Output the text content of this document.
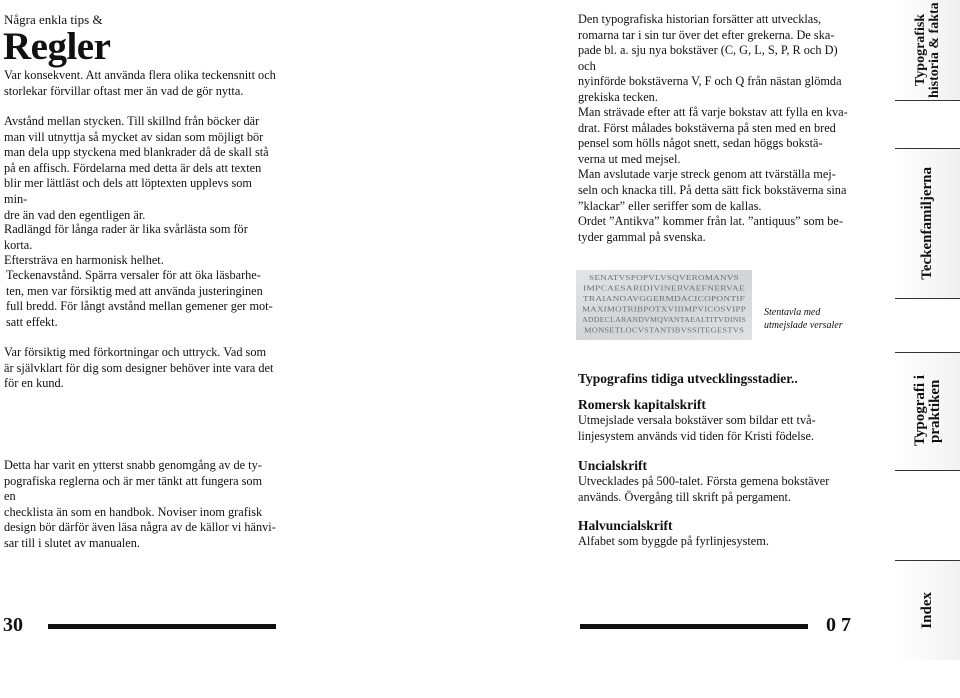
Några enkla tips &
Regler

Var konsekvent. Att använda flera olika teckensnitt och

storlekar förvillar oftast mer än vad de gör nytta.

Avstånd mellan stycken. Till skillnd från böcker där

man vill utnyttja så mycket av sidan som möjligt bör

man dela upp styckena med blankrader då de skall stå

på en affisch. Fördelarna med detta är dels att texten

blir mer lättläst och dels att löptexten upplevs som min-

dre än vad den egentligen är.

Radlängd för långa rader är lika svårlästa som för korta.

Eftersträva en harmonisk helhet.

Teckenavstånd. Spärra versaler för att öka läsbarhe-

ten, men var försiktig med att använda justeringinen

full bredd. För långt avstånd mellan gemener ger mot-

satt effekt.

Var försiktig med förkortningar och uttryck. Vad som

är självklart för dig som designer behöver inte vara det

för en kund.

Detta har varit en ytterst snabb genomgång av de ty-

pografiska reglerna och är mer tänkt att fungera som en

checklista än som en handbok. Noviser inom grafisk

design bör därför även läsa några av de källor vi hänvi-

sar till i slutet av manualen.

30	0 7

Den typografiska historian forsätter att utvecklas,

romarna tar i sin tur över det efter grekerna. De ska-

pade bl. a. sju nya bokstäver (C, G, L, S, P, R och D) och

nyinförde bokstäverna V, F och Q från nästan glömda

grekiska tecken.

Man strävade efter att få varje bokstav att fylla en kva-

drat. Först målades bokstäverna på sten med en bred

pensel som hölls något snett, sedan höggs bokstä-

verna ut med mejsel.

Man avslutade varje streck genom att tvärställa mej-

seln och knacka till. På detta sätt fick bokstäverna sina

”klackar” eller seriffer som de kallas.

Ordet ”Antikva” kommer från lat. ”antiquus” som be-

tyder gammal på svenska.

SENATVSPOPVLVSQVEROMANVS
IMPCAESARIDIVINERVAEFNERVAE
TRAIANOAVGGERMDACICOPONTIF
MAXIMOTRIBPOTXVIIIMPVICOSVIPP
ADDECLARANDVMQVANTAEALTITVDINIS
MONSETLOCVSTANTIBVSSITEGESTVS
Stentavla med
utmejslade versaler
Typografins tidiga utvecklingsstadier..

Romersk kapitalskrift

Utmejslade versala bokstäver som bildar ett två-

linjesystem används vid tiden för Kristi födelse.

Uncialskrift

Utvecklades på 500-talet. Första gemena bokstäver

används. Övergång till skrift på pergament.

Halvuncialskrift

Alfabet som byggde på fyrlinjesystem.

Typografisk historia & fakta
Teckenfamiljerna
Typografi i praktiken
Index
